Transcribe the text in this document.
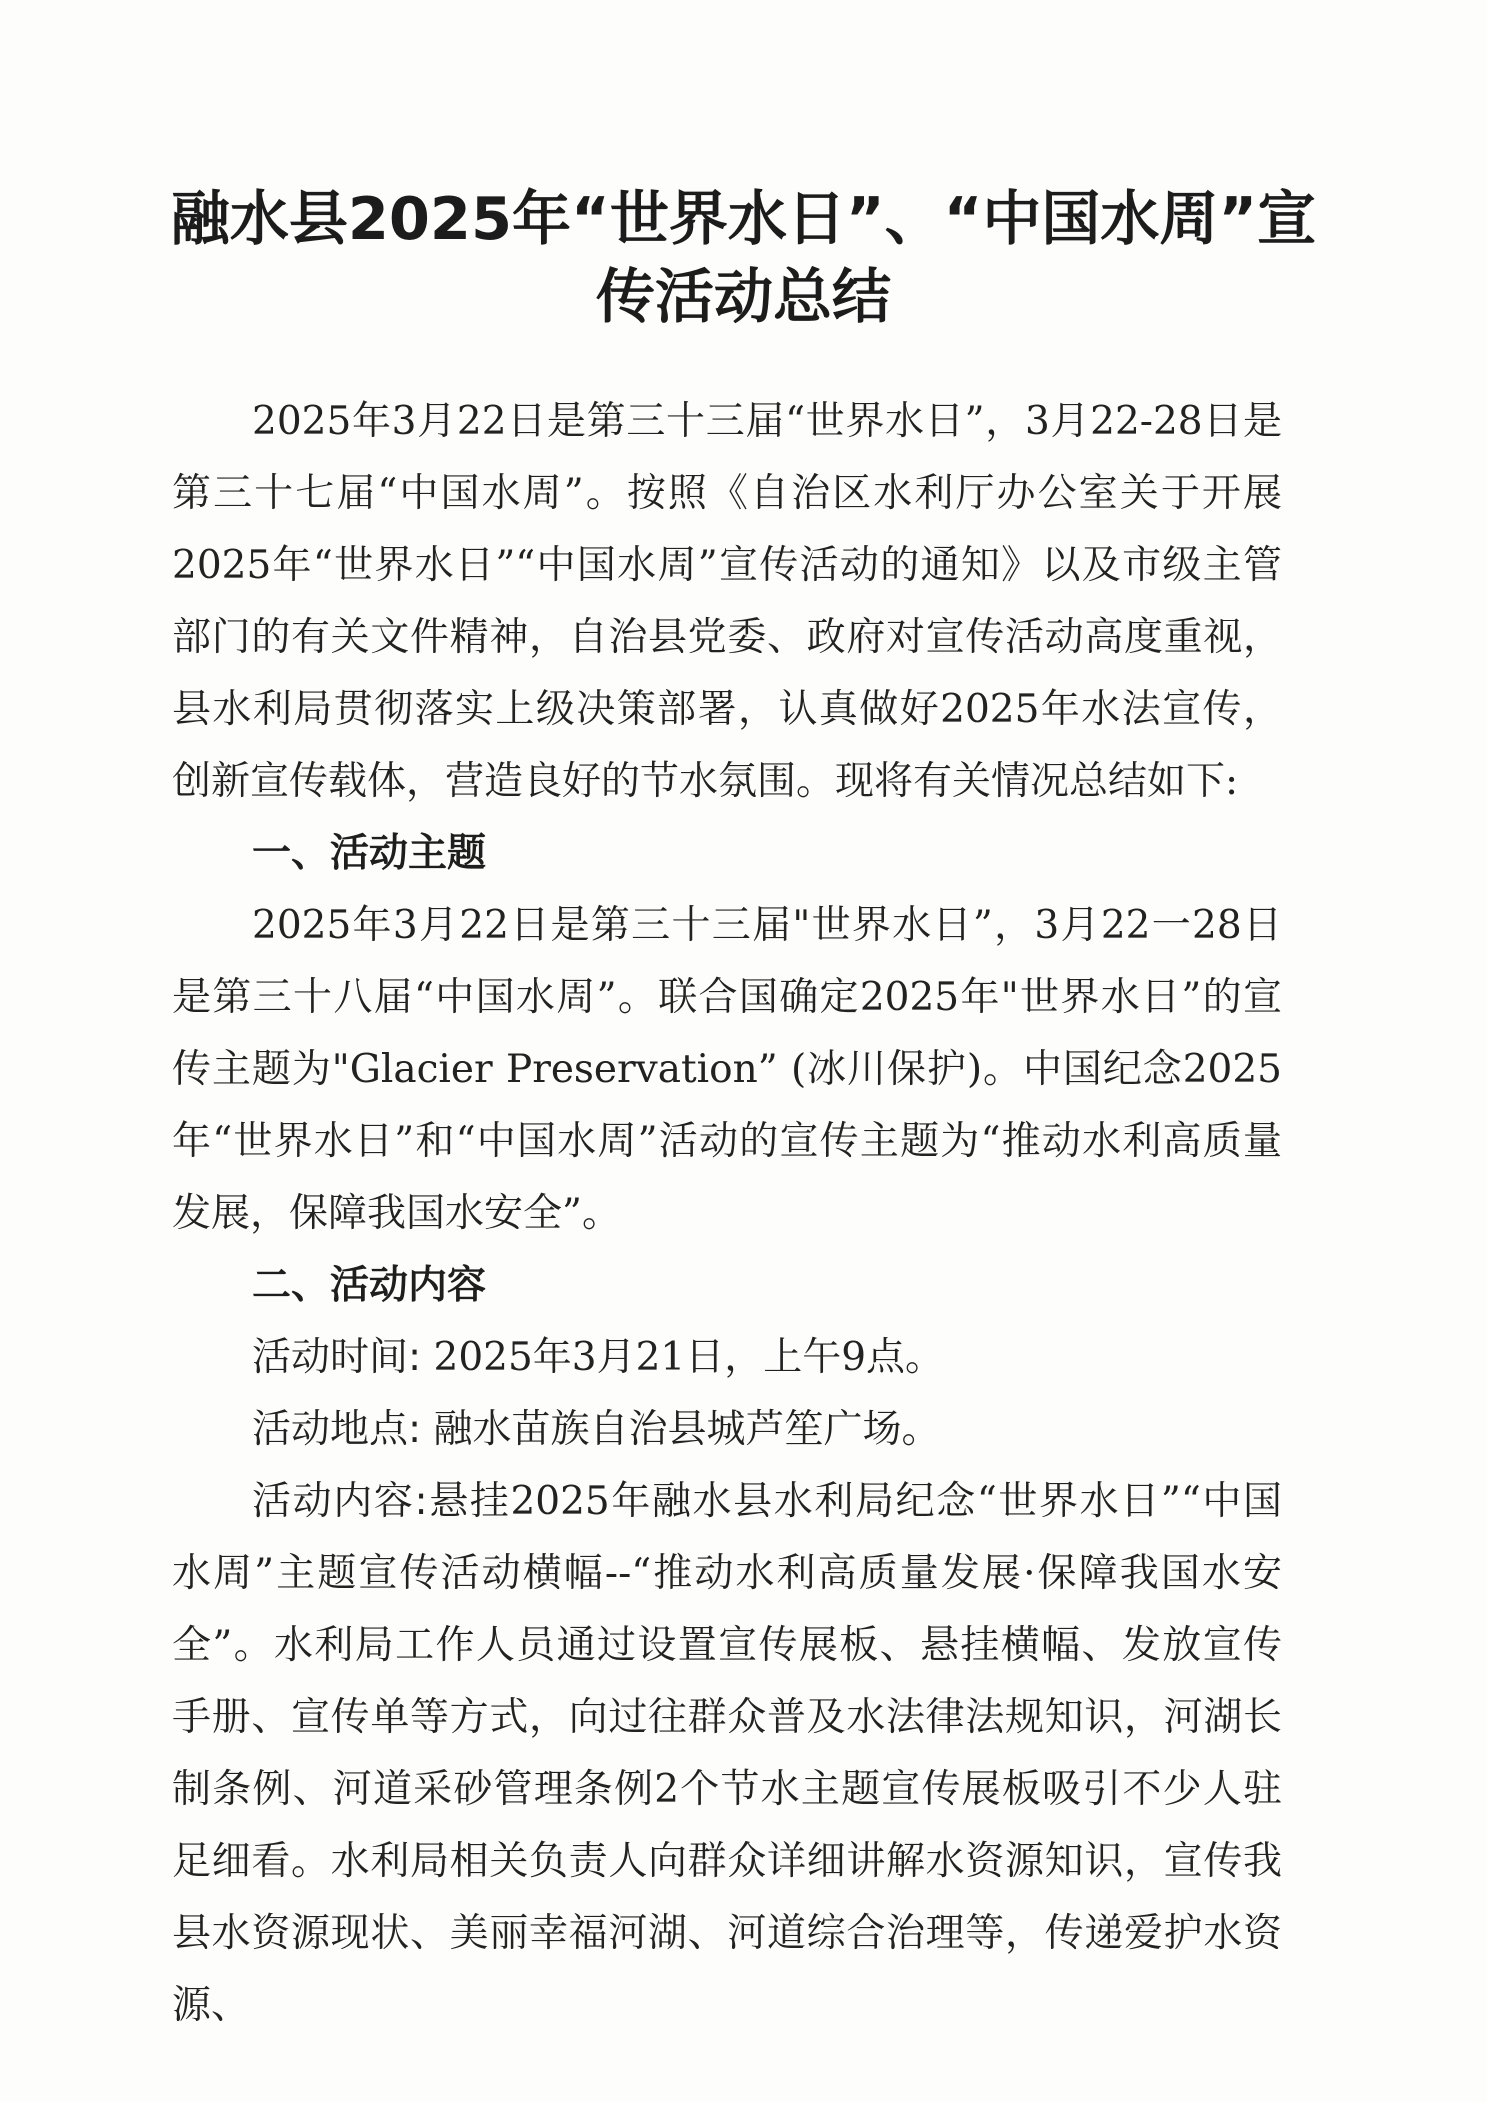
融水县2025年“世界水日”、“中国水周”宣传活动总结

2025年3月22日是第三十三届“世界水日”，3月22-28日是第三十七届“中国水周”。按照《自治区水利厅办公室关于开展2025年“世界水日”“中国水周”宣传活动的通知》以及市级主管部门的有关文件精神，自治县党委、政府对宣传活动高度重视，县水利局贯彻落实上级决策部署，认真做好2025年水法宣传，创新宣传载体，营造良好的节水氛围。现将有关情况总结如下:

一、活动主题

2025年3月22日是第三十三届"世界水日”，3月22一28日是第三十八届“中国水周”。联合国确定2025年"世界水日”的宣传主题为"Glacier Preservation” (冰川保护)。中国纪念2025年“世界水日”和“中国水周”活动的宣传主题为“推动水利高质量发展，保障我国水安全”。

二、活动内容

活动时间: 2025年3月21日，上午9点。

活动地点: 融水苗族自治县城芦笙广场。

活动内容:悬挂2025年融水县水利局纪念“世界水日”“中国水周”主题宣传活动横幅--“推动水利高质量发展·保障我国水安全”。水利局工作人员通过设置宣传展板、悬挂横幅、发放宣传手册、宣传单等方式，向过往群众普及水法律法规知识，河湖长制条例、河道采砂管理条例2个节水主题宣传展板吸引不少人驻足细看。水利局相关负责人向群众详细讲解水资源知识，宣传我县水资源现状、美丽幸福河湖、河道综合治理等，传递爱护水资源、
